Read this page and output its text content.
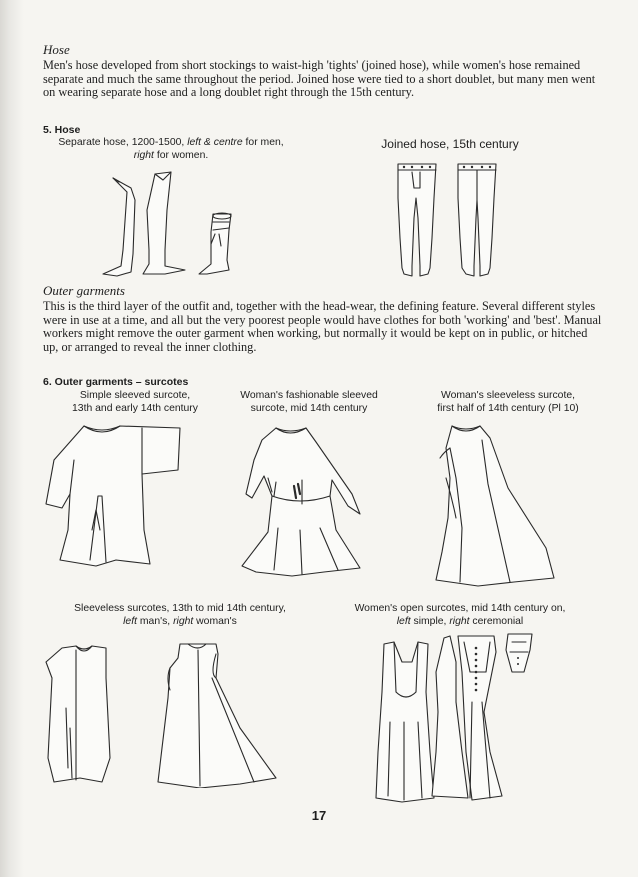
Hose

Men's hose developed from short stockings to waist-high 'tights' (joined hose), while women's hose remained separate and much the same throughout the period. Joined hose were tied to a short doublet, but many men went on wearing separate hose and a long doublet right through the 15th century.

5. Hose

Separate hose, 1200-1500, left & centre for men,
right for women.

Joined hose, 15th century
Outer garments

This is the third layer of the outfit and, together with the head-wear, the defining feature. Several different styles were in use at a time, and all but the very poorest people would have clothes for both 'working' and 'best'. Manual workers might remove the outer garment when working, but normally it would be kept on in public, or hitched up, or arranged to reveal the inner clothing.

6. Outer garments – surcotes

Simple sleeved surcote,
13th and early 14th century

Woman's fashionable sleeved
surcote, mid 14th century

Woman's sleeveless surcote,
first half of 14th century (Pl 10)

Sleeveless surcotes, 13th to mid 14th century,
left man's, right woman's

Women's open surcotes, mid 14th century on,
left simple, right ceremonial

17
